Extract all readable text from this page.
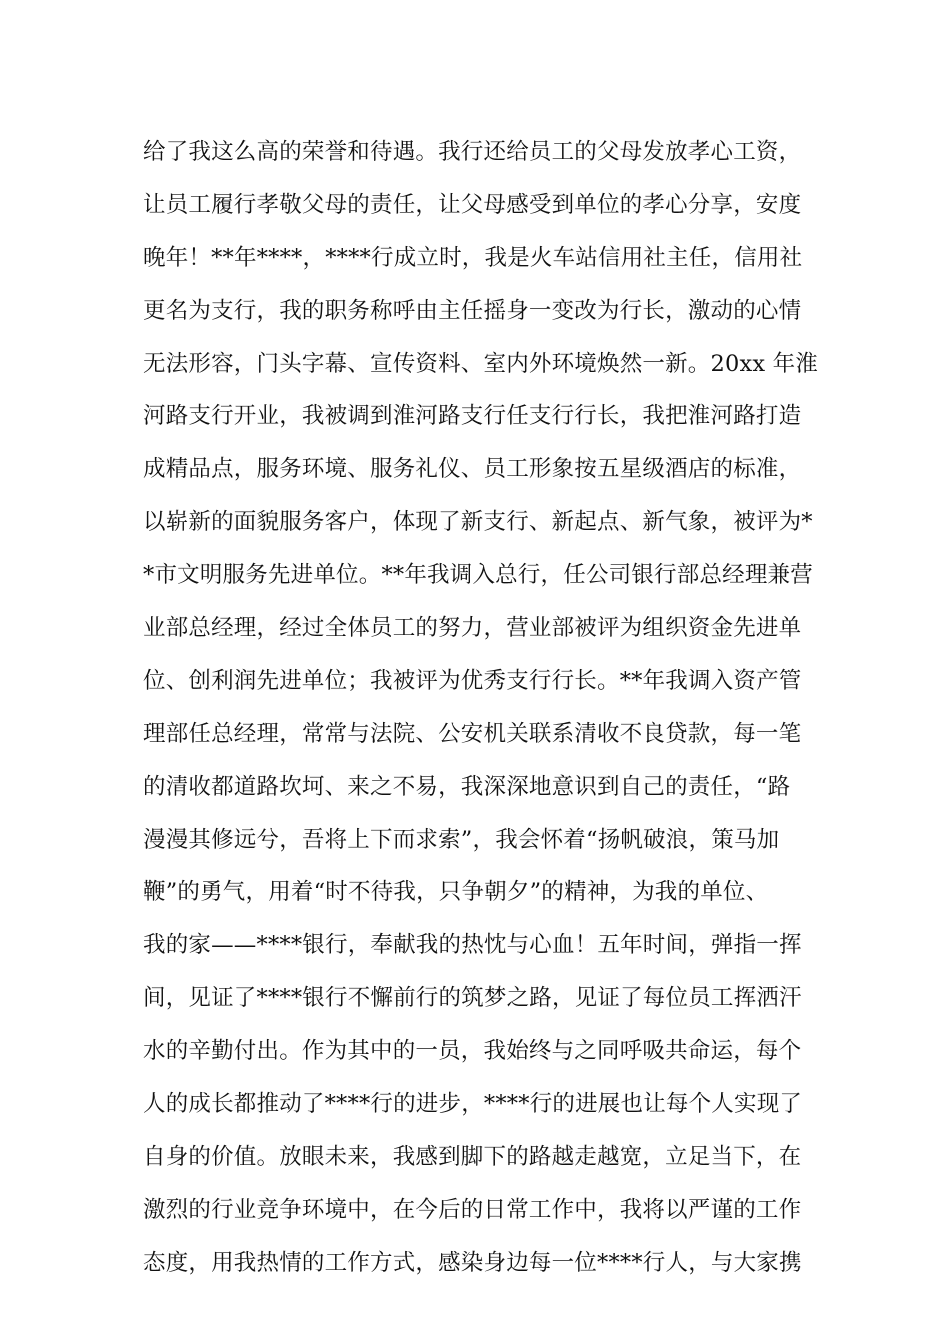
给了我这么高的荣誉和待遇。我行还给员工的父母发放孝心工资，
让员工履行孝敬父母的责任，让父母感受到单位的孝心分享，安度
晚年！**年****，****行成立时，我是火车站信用社主任，信用社
更名为支行，我的职务称呼由主任摇身一变改为行长，激动的心情
无法形容，门头字幕、宣传资料、室内外环境焕然一新。20xx 年淮
河路支行开业，我被调到淮河路支行任支行行长，我把淮河路打造
成精品点，服务环境、服务礼仪、员工形象按五星级酒店的标准，
以崭新的面貌服务客户，体现了新支行、新起点、新气象，被评为*
*市文明服务先进单位。**年我调入总行，任公司银行部总经理兼营
业部总经理，经过全体员工的努力，营业部被评为组织资金先进单
位、创利润先进单位；我被评为优秀支行行长。**年我调入资产管
理部任总经理，常常与法院、公安机关联系清收不良贷款，每一笔
的清收都道路坎坷、来之不易，我深深地意识到自己的责任，“路
漫漫其修远兮，吾将上下而求索”，我会怀着“扬帆破浪，策马加
鞭”的勇气，用着“时不待我，只争朝夕”的精神，为我的单位、
我的家——****银行，奉献我的热忱与心血！五年时间，弹指一挥
间，见证了****银行不懈前行的筑梦之路，见证了每位员工挥洒汗
水的辛勤付出。作为其中的一员，我始终与之同呼吸共命运，每个
人的成长都推动了****行的进步，****行的进展也让每个人实现了
自身的价值。放眼未来，我感到脚下的路越走越宽，立足当下，在
激烈的行业竞争环境中，在今后的日常工作中，我将以严谨的工作
态度，用我热情的工作方式，感染身边每一位****行人，与大家携
